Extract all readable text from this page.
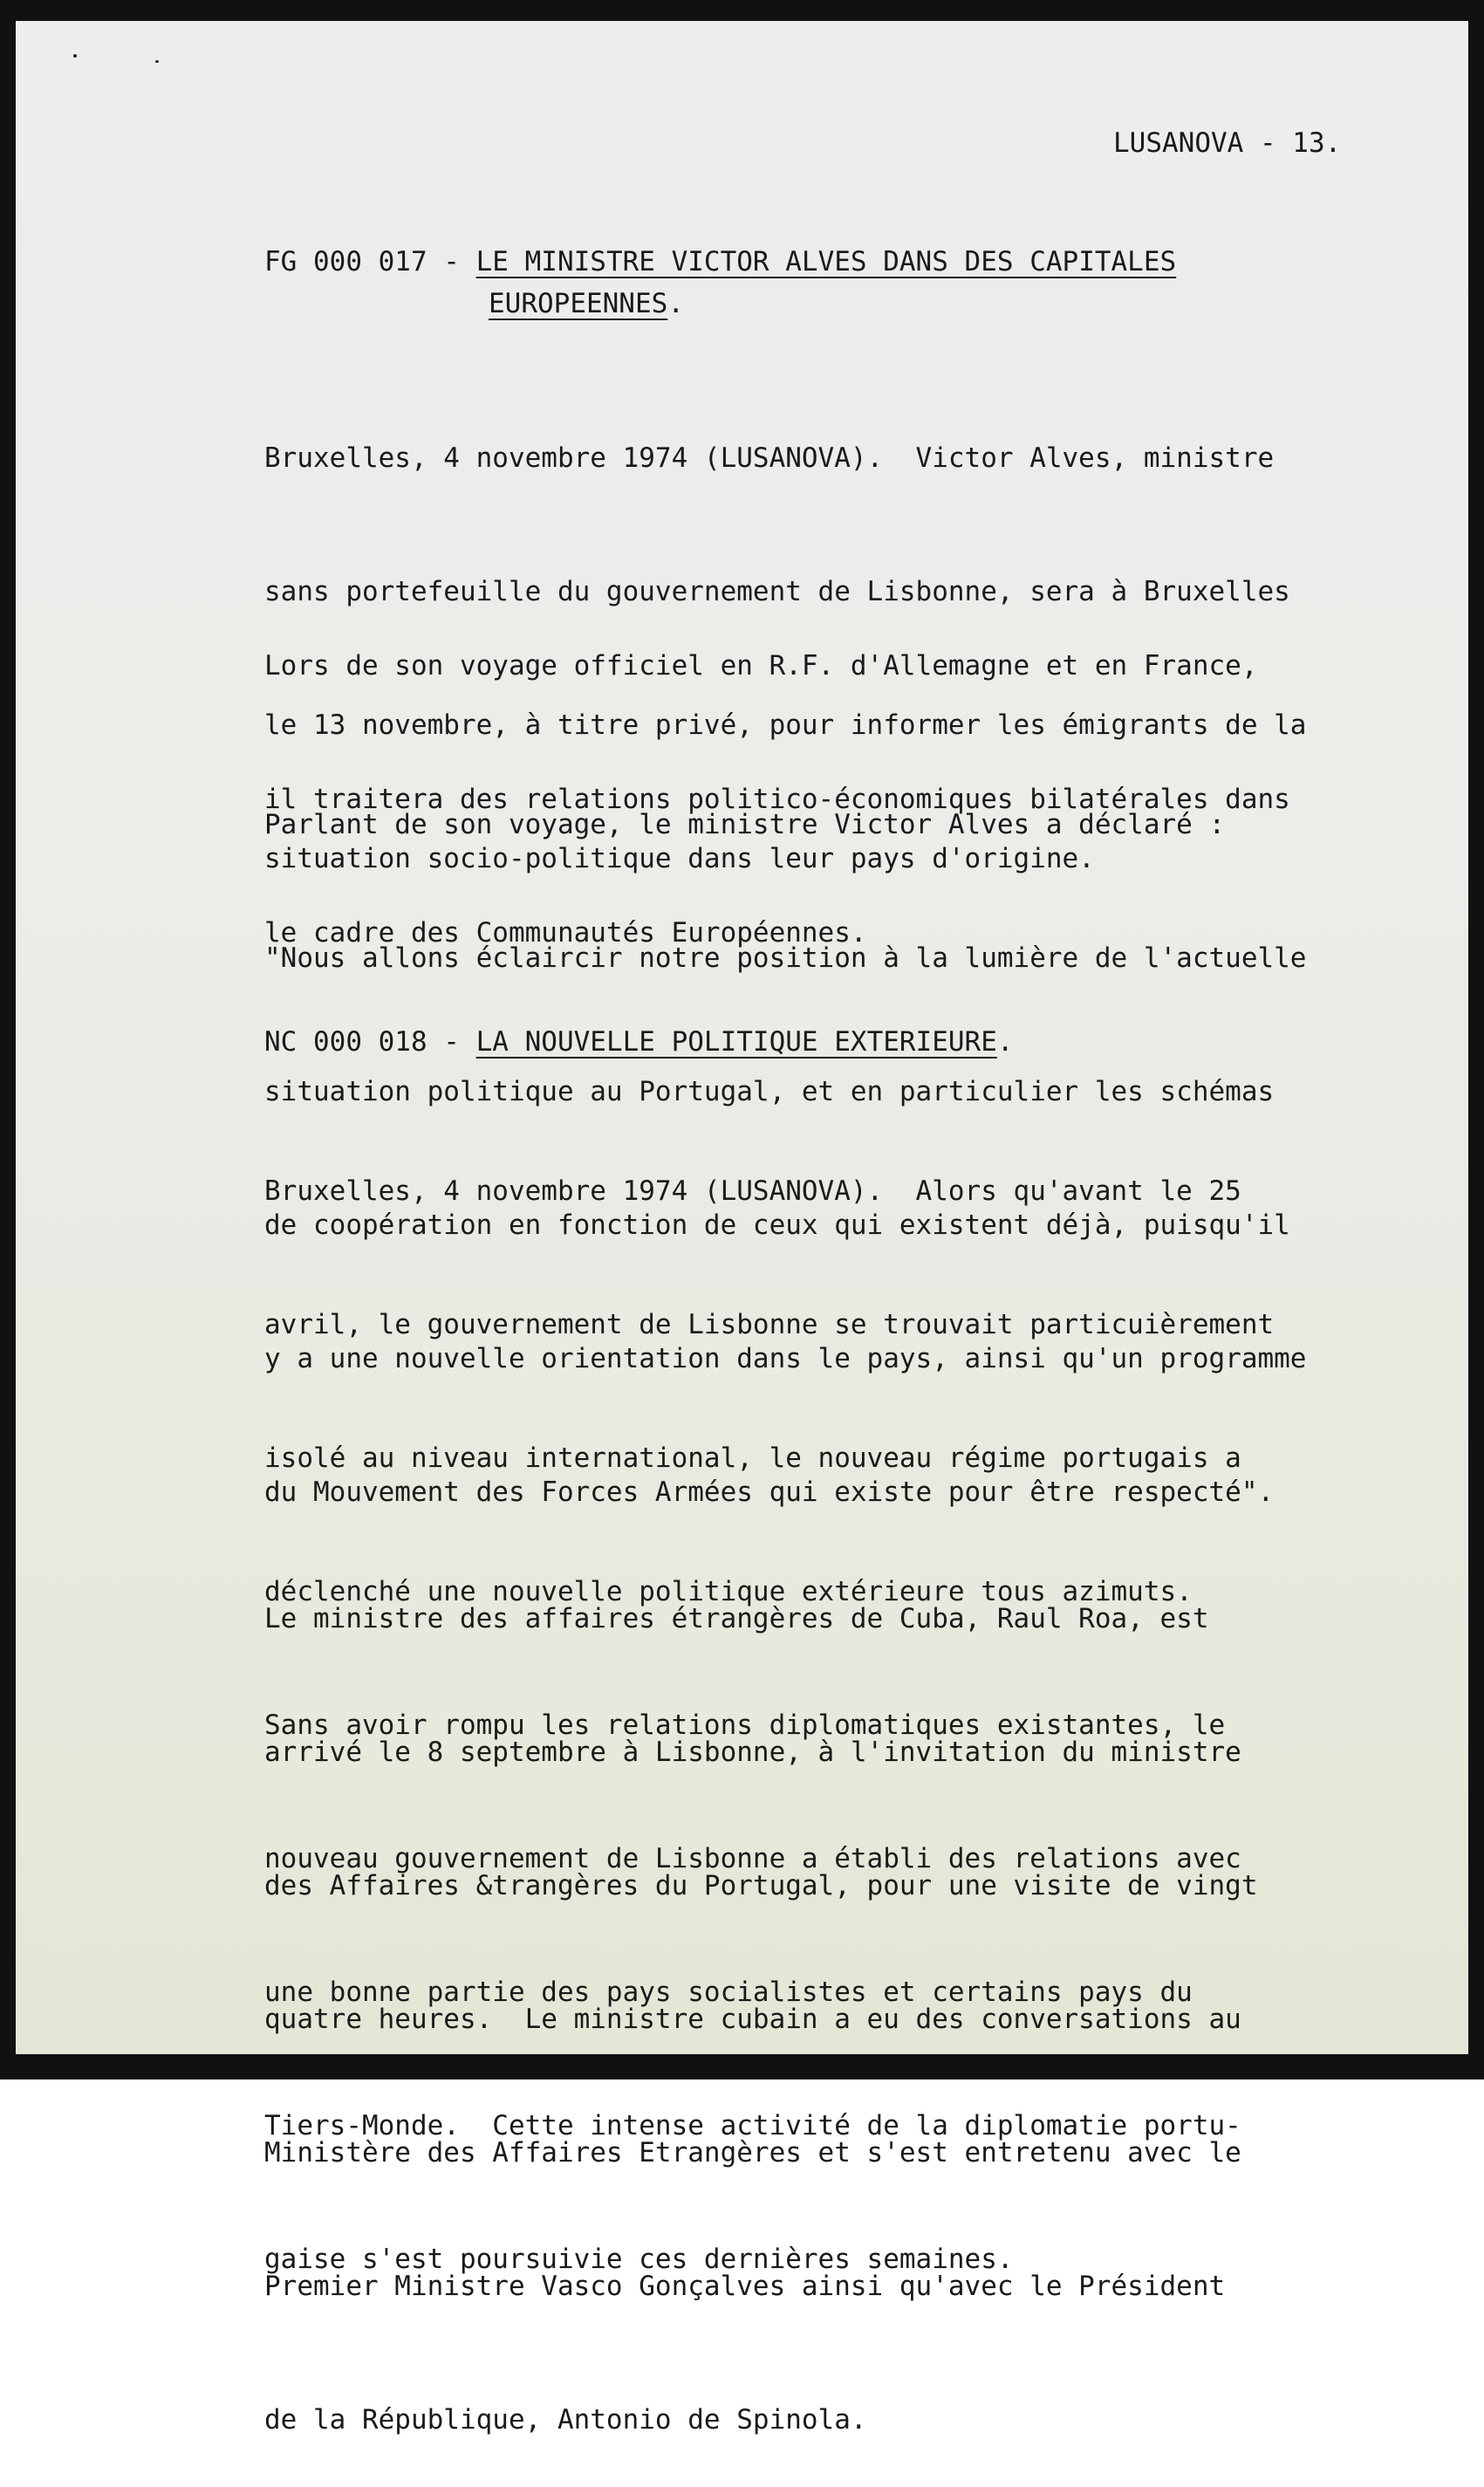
LUSANOVA - 13.
FG 000 017 - LE MINISTRE VICTOR ALVES DANS DES CAPITALES
EUROPEENNES.

Bruxelles, 4 novembre 1974 (LUSANOVA).  Victor Alves, ministre

sans portefeuille du gouvernement de Lisbonne, sera à Bruxelles

le 13 novembre, à titre privé, pour informer les émigrants de la

situation socio-politique dans leur pays d'origine.

Lors de son voyage officiel en R.F. d'Allemagne et en France,

il traitera des relations politico-économiques bilatérales dans

le cadre des Communautés Européennes.

Parlant de son voyage, le ministre Victor Alves a déclaré :

"Nous allons éclaircir notre position à la lumière de l'actuelle

situation politique au Portugal, et en particulier les schémas

de coopération en fonction de ceux qui existent déjà, puisqu'il

y a une nouvelle orientation dans le pays, ainsi qu'un programme

du Mouvement des Forces Armées qui existe pour être respecté".

NC 000 018 - LA NOUVELLE POLITIQUE EXTERIEURE.

Bruxelles, 4 novembre 1974 (LUSANOVA).  Alors qu'avant le 25

avril, le gouvernement de Lisbonne se trouvait particuièrement

isolé au niveau international, le nouveau régime portugais a

déclenché une nouvelle politique extérieure tous azimuts.

Sans avoir rompu les relations diplomatiques existantes, le

nouveau gouvernement de Lisbonne a établi des relations avec

une bonne partie des pays socialistes et certains pays du

Tiers-Monde.  Cette intense activité de la diplomatie portu-

gaise s'est poursuivie ces dernières semaines.

Le ministre des affaires étrangères de Cuba, Raul Roa, est

arrivé le 8 septembre à Lisbonne, à l'invitation du ministre

des Affaires &trangères du Portugal, pour une visite de vingt

quatre heures.  Le ministre cubain a eu des conversations au

Ministère des Affaires Etrangères et s'est entretenu avec le

Premier Ministre Vasco Gonçalves ainsi qu'avec le Président

de la République, Antonio de Spinola.
